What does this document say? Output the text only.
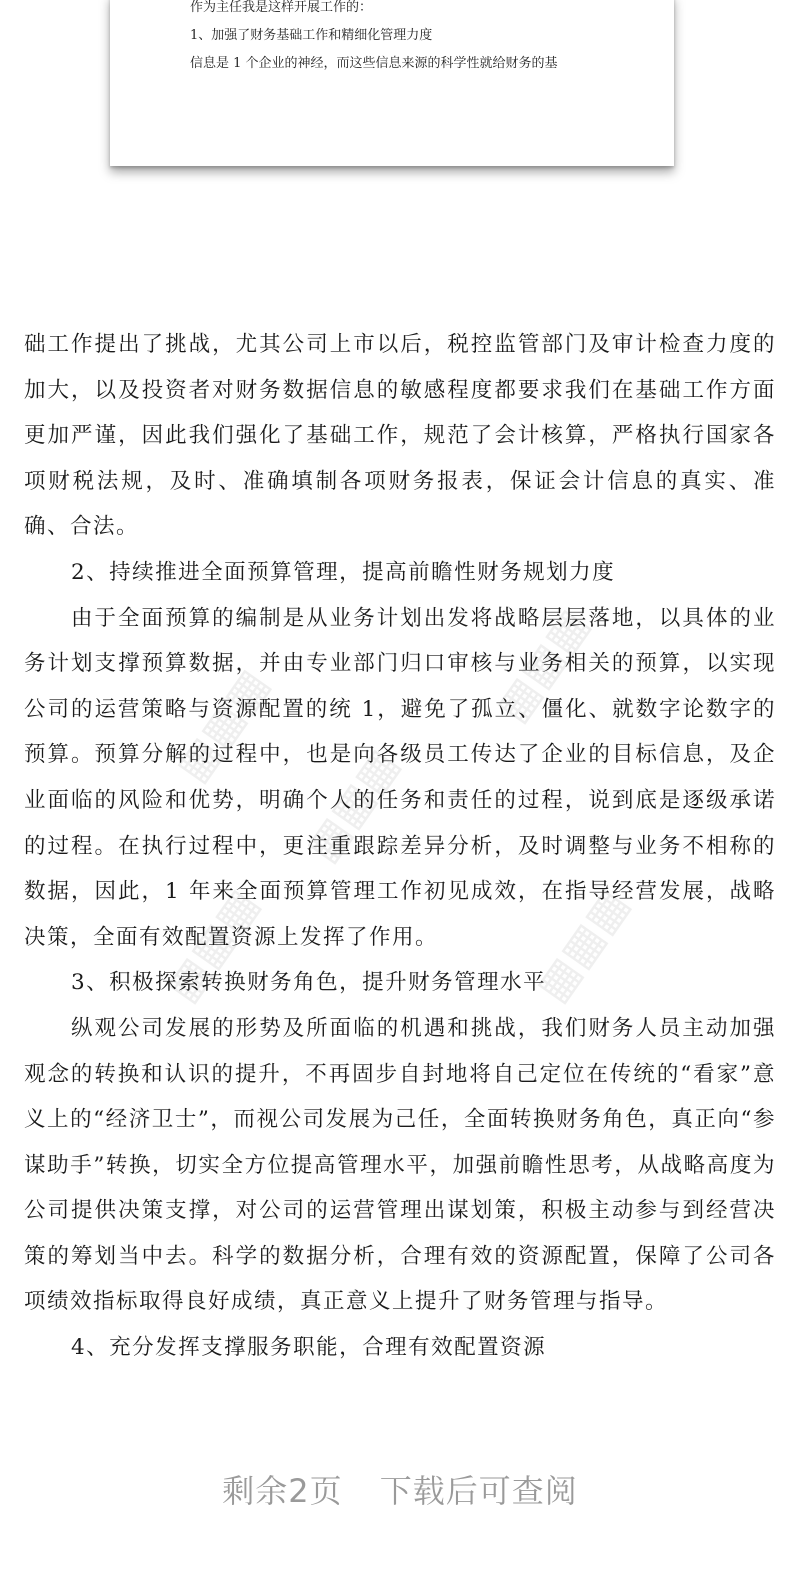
作为主任我是这样开展工作的：
1、加强了财务基础工作和精细化管理力度
信息是 1 个企业的神经，而这些信息来源的科学性就给财务的基
▦▦▦	▦▦▦
▦▦▦
▦▦▦
▦▦▦

础工作提出了挑战，尤其公司上市以后，税控监管部门及审计检查力度的加大，以及投资者对财务数据信息的敏感程度都要求我们在基础工作方面更加严谨，因此我们强化了基础工作，规范了会计核算，严格执行国家各项财税法规，及时、准确填制各项财务报表，保证会计信息的真实、准确、合法。

2、持续推进全面预算管理，提高前瞻性财务规划力度

由于全面预算的编制是从业务计划出发将战略层层落地，以具体的业务计划支撑预算数据，并由专业部门归口审核与业务相关的预算，以实现公司的运营策略与资源配置的统 1，避免了孤立、僵化、就数字论数字的预算。预算分解的过程中，也是向各级员工传达了企业的目标信息，及企业面临的风险和优势，明确个人的任务和责任的过程，说到底是逐级承诺的过程。在执行过程中，更注重跟踪差异分析，及时调整与业务不相称的数据，因此，1 年来全面预算管理工作初见成效，在指导经营发展，战略决策，全面有效配置资源上发挥了作用。

3、积极探索转换财务角色，提升财务管理水平

纵观公司发展的形势及所面临的机遇和挑战，我们财务人员主动加强观念的转换和认识的提升，不再固步自封地将自己定位在传统的“看家”意义上的“经济卫士”，而视公司发展为己任，全面转换财务角色，真正向“参谋助手”转换，切实全方位提高管理水平，加强前瞻性思考，从战略高度为公司提供决策支撑，对公司的运营管理出谋划策，积极主动参与到经营决策的筹划当中去。科学的数据分析，合理有效的资源配置，保障了公司各项绩效指标取得良好成绩，真正意义上提升了财务管理与指导。

4、充分发挥支撑服务职能，合理有效配置资源

剩余2页 下载后可查阅
